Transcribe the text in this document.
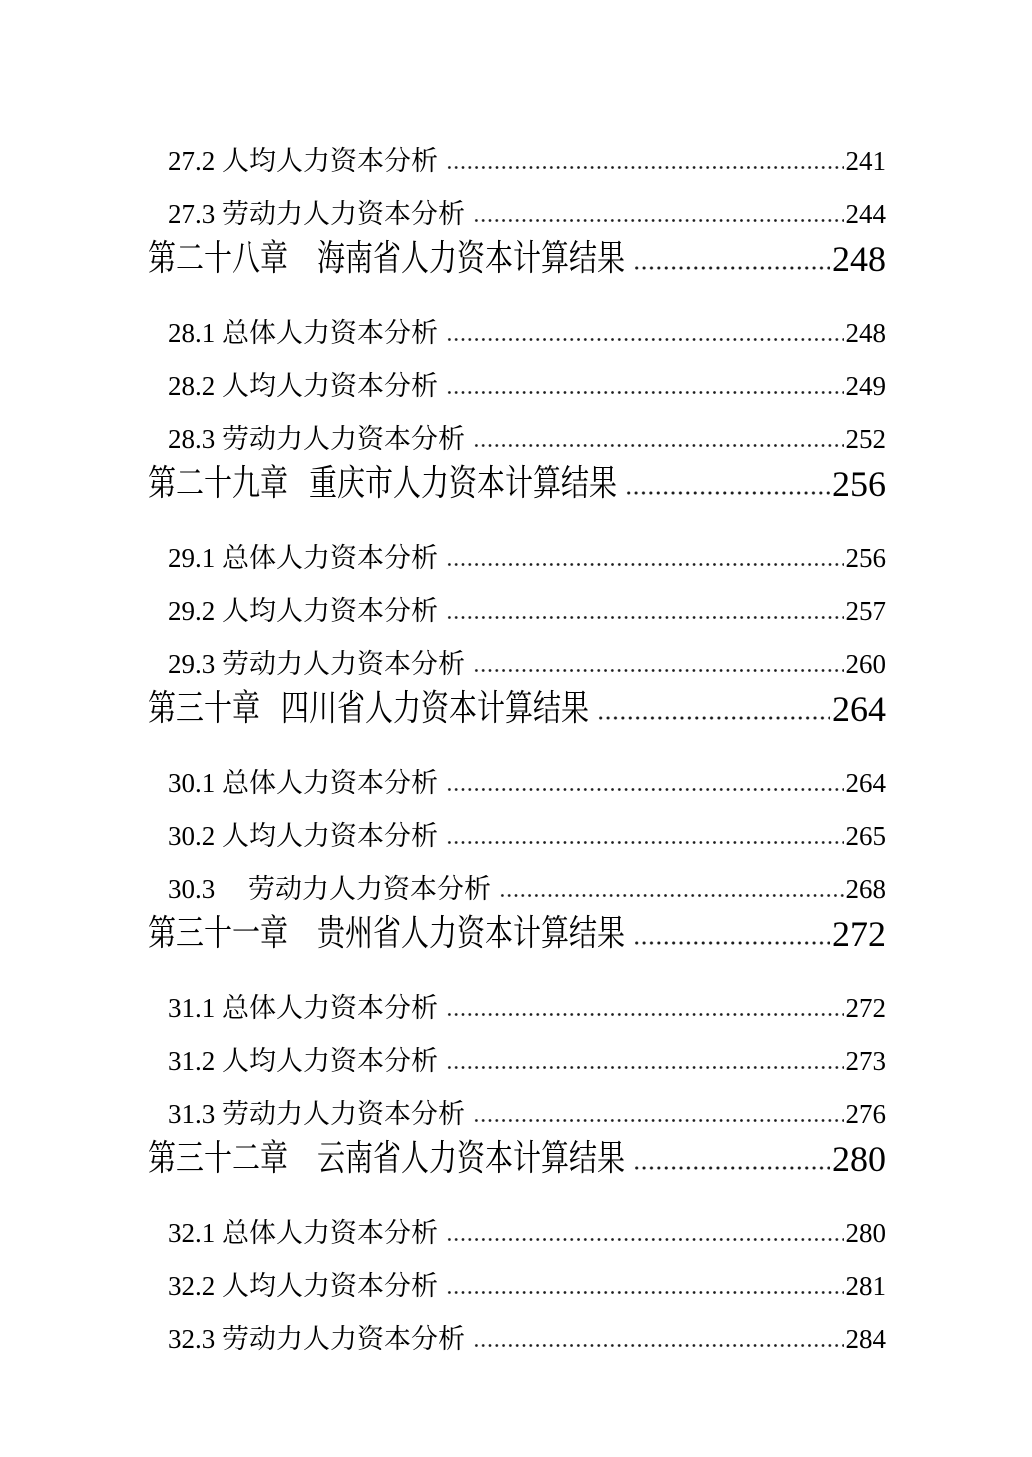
27.2 人均人力资本分析	241
27.3 劳动力人力资本分析	244
第二十八章 海南省人力资本计算结果	248
28.1 总体人力资本分析	248
28.2 人均人力资本分析	249
28.3 劳动力人力资本分析	252
第二十九章 重庆市人力资本计算结果	256
29.1 总体人力资本分析	256
29.2 人均人力资本分析	257
29.3 劳动力人力资本分析	260
第三十章 四川省人力资本计算结果	264
30.1 总体人力资本分析	264
30.2 人均人力资本分析	265
30.3	劳动力人力资本分析	268
第三十一章 贵州省人力资本计算结果	272
31.1 总体人力资本分析	272
31.2 人均人力资本分析	273
31.3 劳动力人力资本分析	276
第三十二章 云南省人力资本计算结果	280
32.1 总体人力资本分析	280
32.2 人均人力资本分析	281
32.3 劳动力人力资本分析	284
